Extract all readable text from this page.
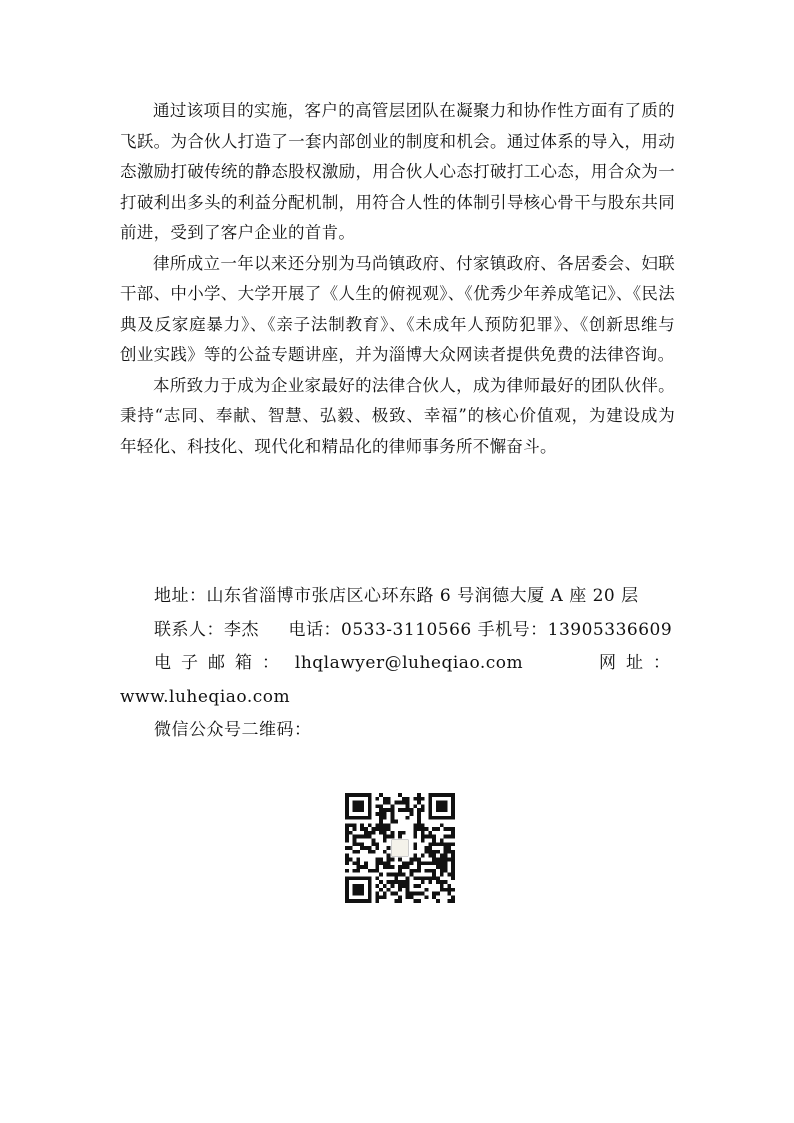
通过该项目的实施，客户的高管层团队在凝聚力和协作性方面有了质的飞跃。为合伙人打造了一套内部创业的制度和机会。通过体系的导入，用动态激励打破传统的静态股权激励，用合伙人心态打破打工心态，用合众为一打破利出多头的利益分配机制，用符合人性的体制引导核心骨干与股东共同前进，受到了客户企业的首肯。

律所成立一年以来还分别为马尚镇政府、付家镇政府、各居委会、妇联干部、中小学、大学开展了《人生的俯视观》、《优秀少年养成笔记》、《民法典及反家庭暴力》、《亲子法制教育》、《未成年人预防犯罪》、《创新思维与创业实践》等的公益专题讲座，并为淄博大众网读者提供免费的法律咨询。

本所致力于成为企业家最好的法律合伙人，成为律师最好的团队伙伴。秉持“志同、奉献、智慧、弘毅、极致、幸福”的核心价值观，为建设成为年轻化、科技化、现代化和精品化的律师事务所不懈奋斗。

地址：山东省淄博市张店区心环东路 6 号润德大厦 A 座 20 层

联系人：李杰 电话：0533-3110566 手机号：13905336609

电子邮箱： lhqlawyer@luheqiao.com	网址：

www.luheqiao.com

微信公众号二维码：
